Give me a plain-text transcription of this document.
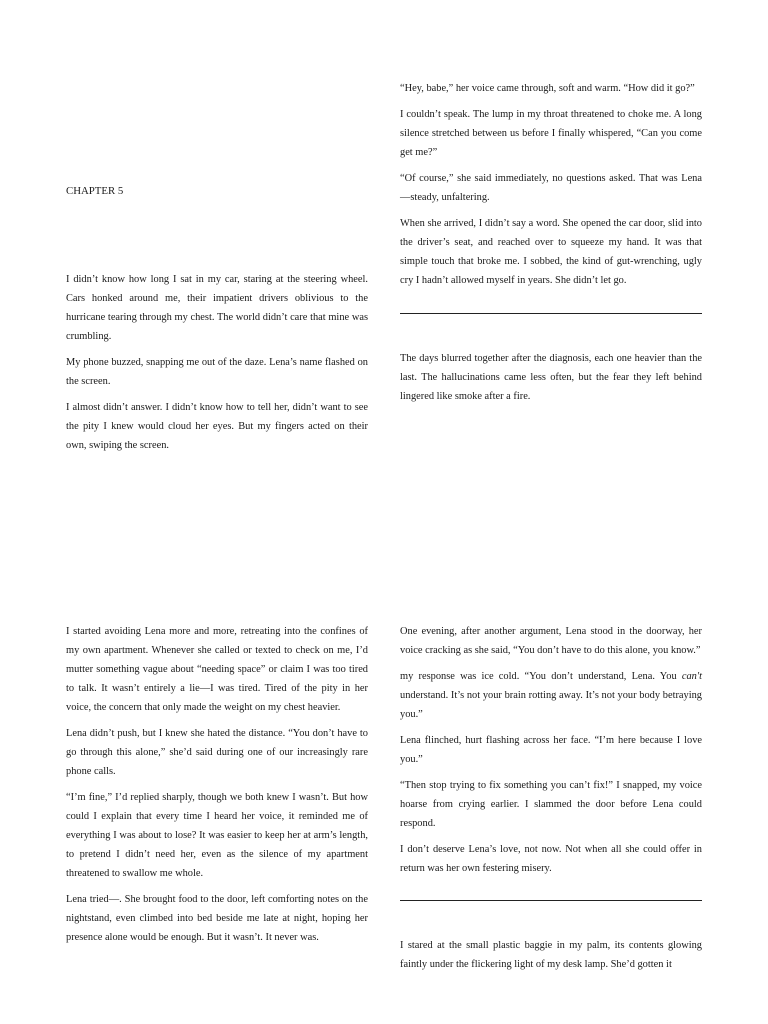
CHAPTER 5

I didn’t know how long I sat in my car, staring at the steering wheel. Cars honked around me, their impatient drivers oblivious to the hurricane tearing through my chest. The world didn’t care that mine was crumbling.

My phone buzzed, snapping me out of the daze. Lena’s name flashed on the screen.

I almost didn’t answer. I didn’t know how to tell her, didn’t want to see the pity I knew would cloud her eyes. But my fingers acted on their own, swiping the screen.

“Hey, babe,” her voice came through, soft and warm. “How did it go?”

I couldn’t speak. The lump in my throat threatened to choke me. A long silence stretched between us before I finally whispered, “Can you come get me?”

“Of course,” she said immediately, no questions asked. That was Lena—steady, unfaltering.

When she arrived, I didn’t say a word. She opened the car door, slid into the driver’s seat, and reached over to squeeze my hand. It was that simple touch that broke me. I sobbed, the kind of gut-wrenching, ugly cry I hadn’t allowed myself in years. She didn’t let go.

The days blurred together after the diagnosis, each one heavier than the last. The hallucinations came less often, but the fear they left behind lingered like smoke after a fire.

I started avoiding Lena more and more, retreating into the confines of my own apartment. Whenever she called or texted to check on me, I’d mutter something vague about “needing space” or claim I was too tired to talk. It wasn’t entirely a lie—I was tired. Tired of the pity in her voice, the concern that only made the weight on my chest heavier.

Lena didn’t push, but I knew she hated the distance. “You don’t have to go through this alone,” she’d said during one of our increasingly rare phone calls.

“I’m fine,” I’d replied sharply, though we both knew I wasn’t. But how could I explain that every time I heard her voice, it reminded me of everything I was about to lose? It was easier to keep her at arm’s length, to pretend I didn’t need her, even as the silence of my apartment threatened to swallow me whole.

Lena tried—. She brought food to the door, left comforting notes on the nightstand, even climbed into bed beside me late at night, hoping her presence alone would be enough. But it wasn’t. It never was.

One evening, after another argument, Lena stood in the doorway, her voice cracking as she said, “You don’t have to do this alone, you know.”

my response was ice cold. “You don’t understand, Lena. You can't understand. It’s not your brain rotting away. It’s not your body betraying you.”

Lena flinched, hurt flashing across her face. “I’m here because I love you.”

“Then stop trying to fix something you can’t fix!” I snapped, my voice hoarse from crying earlier. I slammed the door before Lena could respond.

I don’t deserve Lena’s love, not now. Not when all she could offer in return was her own festering misery.

I stared at the small plastic baggie in my palm, its contents glowing faintly under the flickering light of my desk lamp. She’d gotten it
